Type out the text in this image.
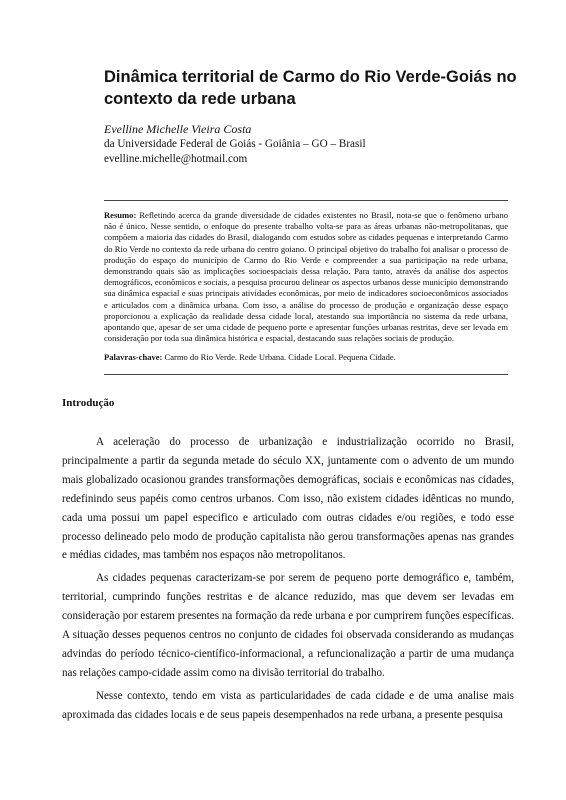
Dinâmica territorial de Carmo do Rio Verde-Goiás no contexto da rede urbana
Evelline Michelle Vieira Costa
da Universidade Federal de Goiás - Goiânia – GO – Brasil
evelline.michelle@hotmail.com

Resumo: Refletindo acerca da grande diversidade de cidades existentes no Brasil, nota-se que o fenômeno urbano não é único. Nesse sentido, o enfoque do presente trabalho volta-se para as áreas urbanas não-metropolitanas, que compõem a maioria das cidades do Brasil, dialogando com estudos sobre as cidades pequenas e interpretando Carmo do Rio Verde no contexto da rede urbana do centro goiano. O principal objetivo do trabalho foi analisar o processo de produção do espaço do município de Carmo do Rio Verde e compreender a sua participação na rede urbana, demonstrando quais são as implicações socioespaciais dessa relação. Para tanto, através da análise dos aspectos demográficos, econômicos e sociais, a pesquisa procurou delinear os aspectos urbanos desse município demonstrando sua dinâmica espacial e suas principais atividades econômicas, por meio de indicadores socioeconômicos associados e articulados com a dinâmica urbana. Com isso, a análise do processo de produção e organização desse espaço proporcionou a explicação da realidade dessa cidade local, atestando sua importância no sistema da rede urbana, apontando que, apesar de ser uma cidade de pequeno porte e apresentar funções urbanas restritas, deve ser levada em consideração por toda sua dinâmica histórica e espacial, destacando suas relações sociais de produção.

Palavras-chave: Carmo do Rio Verde. Rede Urbana. Cidade Local. Pequena Cidade.

Introdução

A aceleração do processo de urbanização e industrialização ocorrido no Brasil, principalmente a partir da segunda metade do século XX, juntamente com o advento de um mundo mais globalizado ocasionou grandes transformações demográficas, sociais e econômicas nas cidades, redefinindo seus papéis como centros urbanos. Com isso, não existem cidades idênticas no mundo, cada uma possui um papel especifico e articulado com outras cidades e/ou regiões, e todo esse processo delineado pelo modo de produção capitalista não gerou transformações apenas nas grandes e médias cidades, mas também nos espaços não metropolitanos.

As cidades pequenas caracterizam-se por serem de pequeno porte demográfico e, também, territorial, cumprindo funções restritas e de alcance reduzido, mas que devem ser levadas em consideração por estarem presentes na formação da rede urbana e por cumprirem funções específicas. A situação desses pequenos centros no conjunto de cidades foi observada considerando as mudanças advindas do período técnico-científico-informacional, a refuncionalização a partir de uma mudança nas relações campo-cidade assim como na divisão territorial do trabalho.

Nesse contexto, tendo em vista as particularidades de cada cidade e de uma analise mais aproximada das cidades locais e de seus papeis desempenhados na rede urbana, a presente pesquisa
